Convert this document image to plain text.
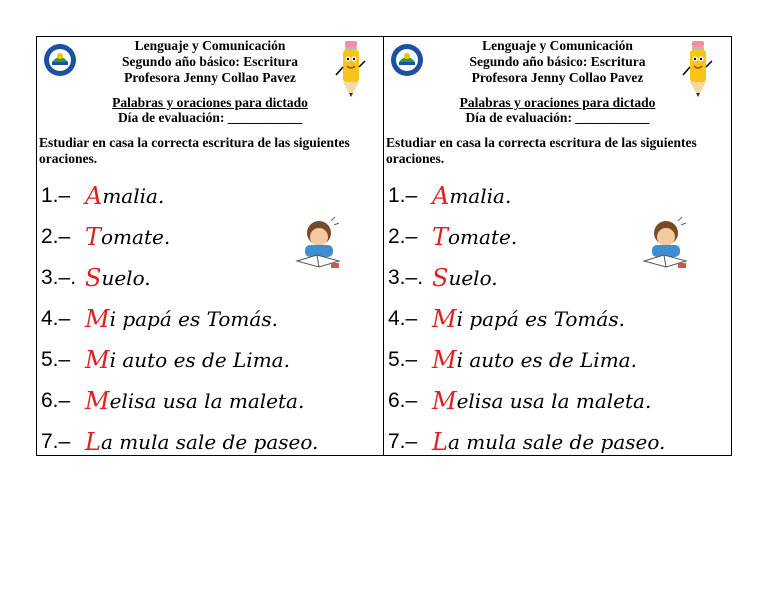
Lenguaje y Comunicación
Segundo año básico: Escritura
Profesora Jenny Collao Pavez
Palabras y oraciones para dictado
Día de evaluación: ___________
Estudiar en casa la correcta escritura de las siguientes oraciones.
1.– A malia.
2.– T omate.
3.–. S uelo.
4.– M i papá es Tomás.
5.– M i auto es de Lima.
6.– M elisa usa la maleta.
7.– L a mula sale de paseo.
Lenguaje y Comunicación
Segundo año básico: Escritura
Profesora Jenny Collao Pavez
Palabras y oraciones para dictado
Día de evaluación: ___________
Estudiar en casa la correcta escritura de las siguientes oraciones.
1.– A malia.
2.– T omate.
3.–. S uelo.
4.– M i papá es Tomás.
5.– M i auto es de Lima.
6.– M elisa usa la maleta.
7.– L a mula sale de paseo.
